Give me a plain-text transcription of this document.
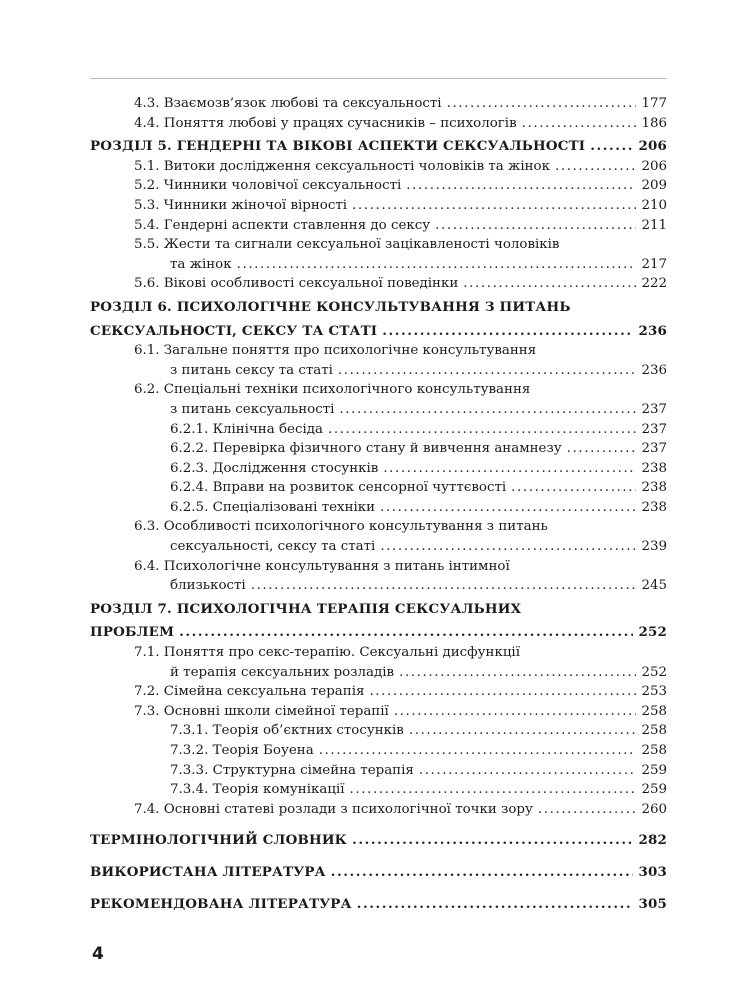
4.3. Взаємозв’язок любові та сексуальності .....	177
4.4. Поняття любові у працях сучасників – психологів .....	186
РОЗДІЛ 5. ГЕНДЕРНІ ТА ВІКОВІ АСПЕКТИ СЕКСУАЛЬНОСТІ .....	206
5.1. Витоки дослідження сексуальності чоловіків та жінок .....	206
5.2. Чинники чоловічої сексуальності .....	209
5.3. Чинники жіночої вірності .....	210
5.4. Гендерні аспекти ставлення до сексу .....	211
5.5. Жести та сигнали сексуальної зацікавленості чоловіків
та жінок .....	217
5.6. Вікові особливості сексуальної поведінки .....	222
РОЗДІЛ 6. ПСИХОЛОГІЧНЕ КОНСУЛЬТУВАННЯ З ПИТАНЬ
СЕКСУАЛЬНОСТІ, СЕКСУ ТА СТАТІ .....	236
6.1. Загальне поняття про психологічне консультування
з питань сексу та статі .....	236
6.2. Спеціальні техніки психологічного консультування
з питань сексуальності .....	237
6.2.1. Клінічна бесіда .....	237
6.2.2. Перевірка фізичного стану й вивчення анамнезу .....	237
6.2.3. Дослідження стосунків .....	238
6.2.4. Вправи на розвиток сенсорної чуттєвості .....	238
6.2.5. Спеціалізовані техніки .....	238
6.3. Особливості психологічного консультування з питань
сексуальності, сексу та статі .....	239
6.4. Психологічне консультування з питань інтимної
близькості .....	245
РОЗДІЛ 7. ПСИХОЛОГІЧНА ТЕРАПІЯ СЕКСУАЛЬНИХ
ПРОБЛЕМ .....	252
7.1. Поняття про секс-терапію. Сексуальні дисфункції
й терапія сексуальних розладів .....	252
7.2. Сімейна сексуальна терапія .....	253
7.3. Основні школи сімейної терапії .....	258
7.3.1. Теорія об’єктних стосунків .....	258
7.3.2. Теорія Боуена .....	258
7.3.3. Структурна сімейна терапія .....	259
7.3.4. Теорія комунікації .....	259
7.4. Основні статеві розлади з психологічної точки зору .....	260
ТЕРМІНОЛОГІЧНИЙ СЛОВНИК .....	282
ВИКОРИСТАНА ЛІТЕРАТУРА .....	303
РЕКОМЕНДОВАНА ЛІТЕРАТУРА .....	305
4
